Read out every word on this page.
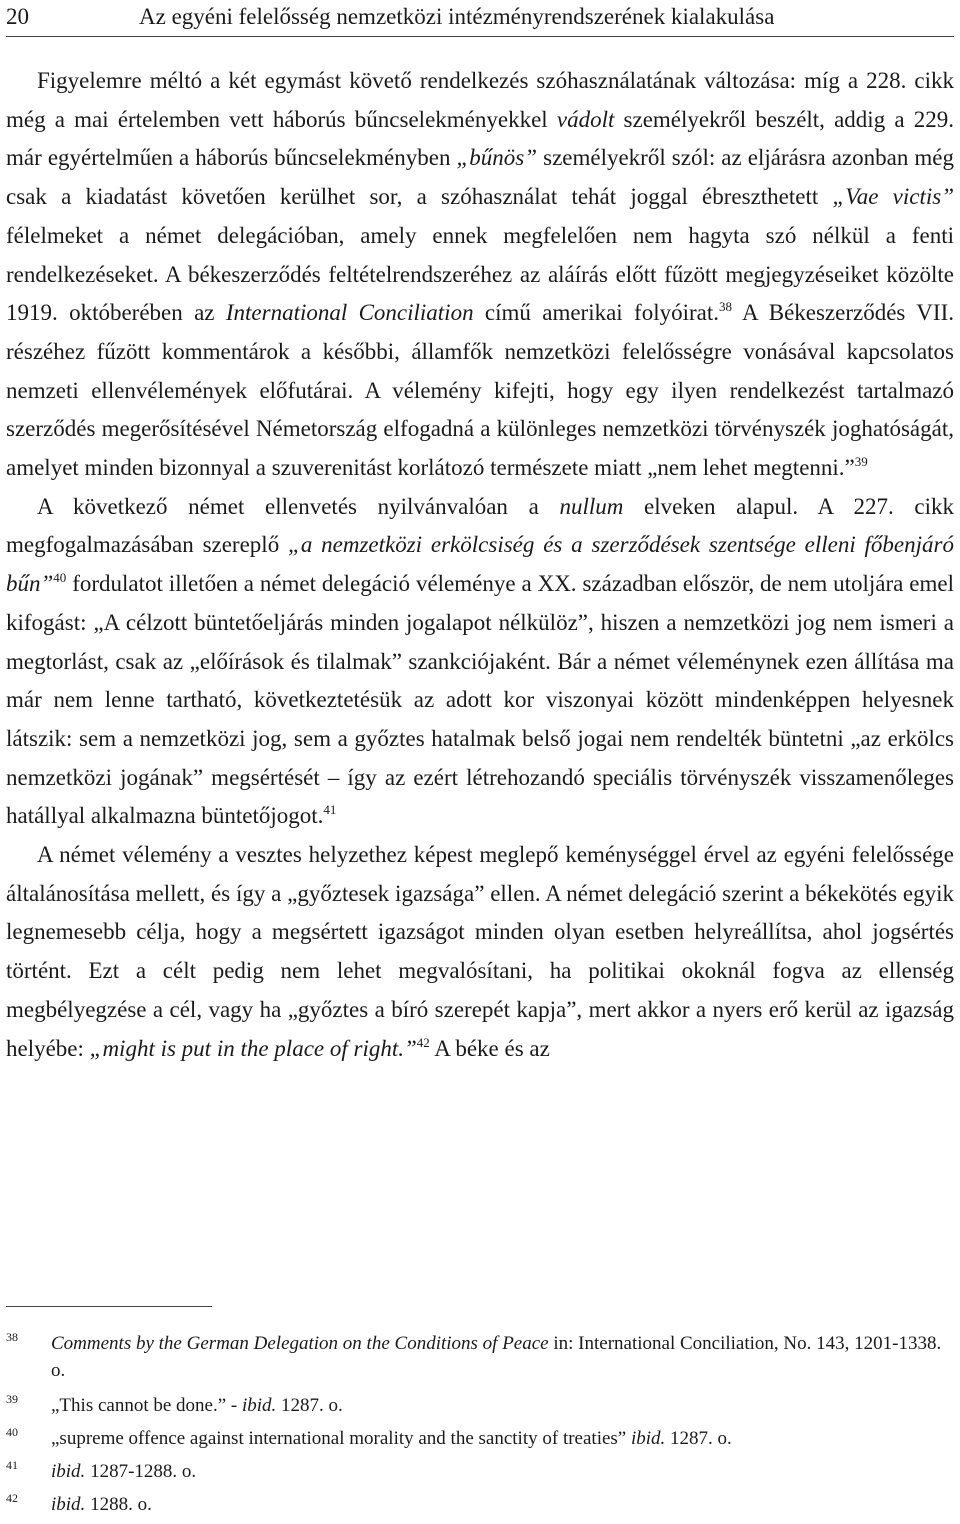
20	Az egyéni felelősség nemzetközi intézményrendszerének kialakulása

Figyelemre méltó a két egymást követő rendelkezés szóhasználatának változása: míg a 228. cikk még a mai értelemben vett háborús bűncselekményekkel vádolt személyekről beszélt, addig a 229. már egyértelműen a háborús bűncselekményben „bűnös” személyekről szól: az eljárásra azonban még csak a kiadatást követően kerülhet sor, a szóhasználat tehát joggal ébreszthetett „Vae victis” félelmeket a német delegációban, amely ennek megfelelően nem hagyta szó nélkül a fenti rendelkezéseket. A békeszerződés feltételrendszeréhez az aláírás előtt fűzött megjegyzéseiket közölte 1919. októberében az International Conciliation című amerikai folyóirat.$^{38}$ A Békeszerződés VII. részéhez fűzött kommentárok a későbbi, államfők nemzetközi felelősségre vonásával kapcsolatos nemzeti ellenvélemények előfutárai. A vélemény kifejti, hogy egy ilyen rendelkezést tartalmazó szerződés megerősítésével Németország elfogadná a különleges nemzetközi törvényszék joghatóságát, amelyet minden bizonnyal a szuverenitást korlátozó természete miatt „nem lehet megtenni.”$^{39}$

A következő német ellenvetés nyilvánvalóan a nullum elveken alapul. A 227. cikk megfogalmazásában szereplő „a nemzetközi erkölcsiség és a szerződések szentsége elleni főbenjáró bűn”$^{40}$ fordulatot illetően a német delegáció véleménye a XX. században először, de nem utoljára emel kifogást: „A célzott büntetőeljárás minden jogalapot nélkülöz”, hiszen a nemzetközi jog nem ismeri a megtorlást, csak az „előírások és tilalmak” szankciójaként. Bár a német véleménynek ezen állítása ma már nem lenne tartható, következtetésük az adott kor viszonyai között mindenképpen helyesnek látszik: sem a nemzetközi jog, sem a győztes hatalmak belső jogai nem rendelték büntetni „az erkölcs nemzetközi jogának” megsértését – így az ezért létrehozandó speciális törvényszék visszamenőleges hatállyal alkalmazna büntetőjogot.$^{41}$

A német vélemény a vesztes helyzethez képest meglepő keménységgel érvel az egyéni felelőssége általánosítása mellett, és így a „győztesek igazsága” ellen. A német delegáció szerint a békekötés egyik legnemesebb célja, hogy a megsértett igazságot minden olyan esetben helyreállítsa, ahol jogsértés történt. Ezt a célt pedig nem lehet megvalósítani, ha politikai okoknál fogva az ellenség megbélyegzése a cél, vagy ha „győztes a bíró szerepét kapja”, mert akkor a nyers erő kerül az igazság helyébe: „might is put in the place of right.”$^{42}$ A béke és az

38 Comments by the German Delegation on the Conditions of Peace in: International Conciliation, No. 143, 1201-1338. o.
39 „This cannot be done.” - ibid. 1287. o.
40 „supreme offence against international morality and the sanctity of treaties” ibid. 1287. o.
41 ibid. 1287-1288. o.
42 ibid. 1288. o.
